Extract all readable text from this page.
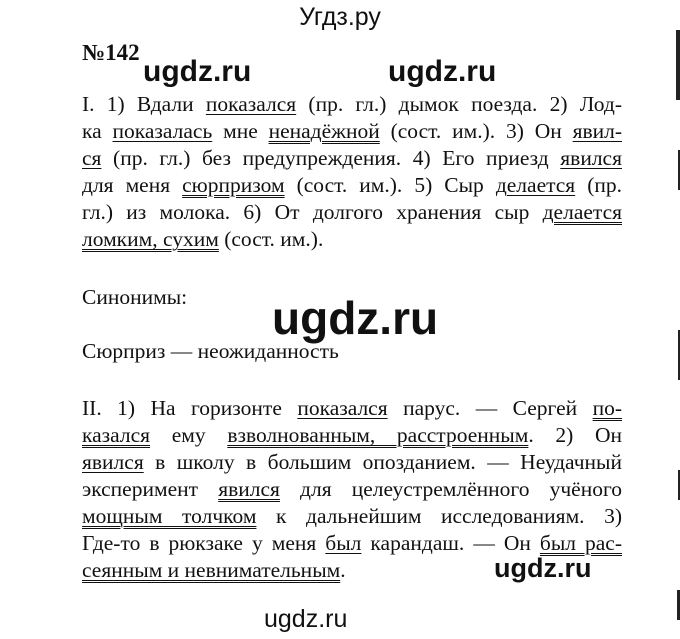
Угдз.ру
ugdz.ru	ugdz.ru
ugdz.ru
ugdz.ru
ugdz.ru
№142
I. 1) Вдали показался (пр. гл.) дымок поезда. 2) Лод-
ка показалась мне ненадёжной (сост. им.). 3) Он явил-
ся (пр. гл.) без предупреждения. 4) Его приезд явился
для меня сюрпризом (сост. им.). 5) Сыр делается (пр.
гл.) из молока. 6) От долгого хранения сыр делается
ломким, сухим (сост. им.).
Синонимы:
Сюрприз — неожиданность
II. 1) На горизонте показался парус. — Сергей по-
казался ему взволнованным, расстроенным. 2) Он
явился в школу в большим опозданием. — Неудачный
эксперимент явился для целеустремлённого учёного
мощным толчком к дальнейшим исследованиям. 3)
Где-то в рюкзаке у меня был карандаш. — Он был рас-
сеянным и невнимательным.
